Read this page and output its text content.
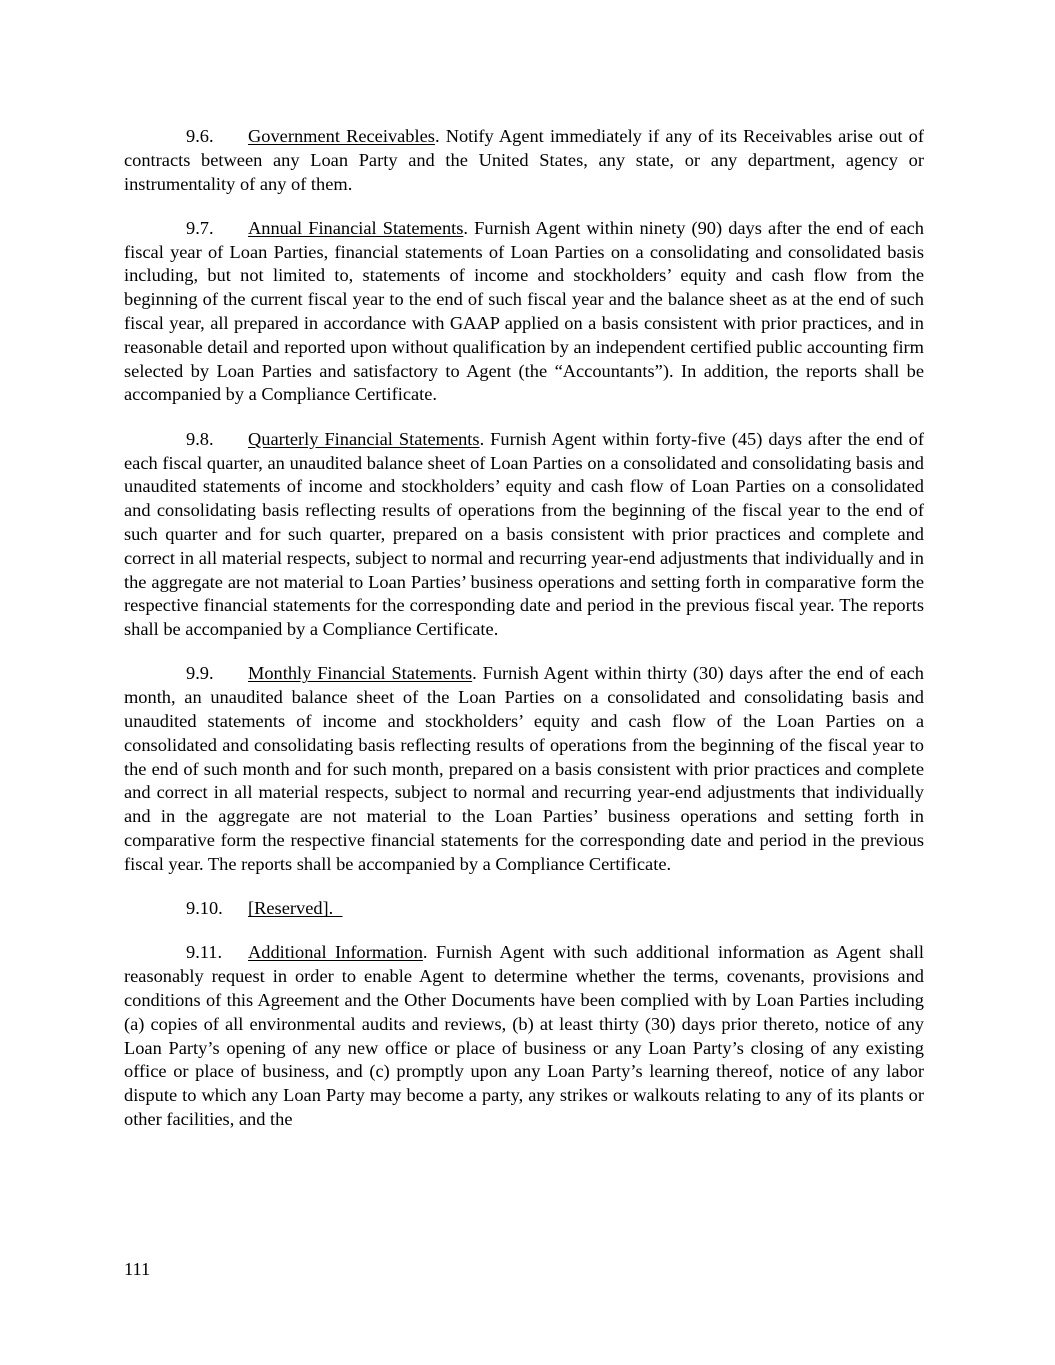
9.6. Government Receivables. Notify Agent immediately if any of its Receivables arise out of contracts between any Loan Party and the United States, any state, or any department, agency or instrumentality of any of them.

9.7. Annual Financial Statements. Furnish Agent within ninety (90) days after the end of each fiscal year of Loan Parties, financial statements of Loan Parties on a consolidating and consolidated basis including, but not limited to, statements of income and stockholders’ equity and cash flow from the beginning of the current fiscal year to the end of such fiscal year and the balance sheet as at the end of such fiscal year, all prepared in accordance with GAAP applied on a basis consistent with prior practices, and in reasonable detail and reported upon without qualification by an independent certified public accounting firm selected by Loan Parties and satisfactory to Agent (the “Accountants”). In addition, the reports shall be accompanied by a Compliance Certificate.

9.8. Quarterly Financial Statements. Furnish Agent within forty-five (45) days after the end of each fiscal quarter, an unaudited balance sheet of Loan Parties on a consolidated and consolidating basis and unaudited statements of income and stockholders’ equity and cash flow of Loan Parties on a consolidated and consolidating basis reflecting results of operations from the beginning of the fiscal year to the end of such quarter and for such quarter, prepared on a basis consistent with prior practices and complete and correct in all material respects, subject to normal and recurring year-end adjustments that individually and in the aggregate are not material to Loan Parties’ business operations and setting forth in comparative form the respective financial statements for the corresponding date and period in the previous fiscal year. The reports shall be accompanied by a Compliance Certificate.

9.9. Monthly Financial Statements. Furnish Agent within thirty (30) days after the end of each month, an unaudited balance sheet of the Loan Parties on a consolidated and consolidating basis and unaudited statements of income and stockholders’ equity and cash flow of the Loan Parties on a consolidated and consolidating basis reflecting results of operations from the beginning of the fiscal year to the end of such month and for such month, prepared on a basis consistent with prior practices and complete and correct in all material respects, subject to normal and recurring year-end adjustments that individually and in the aggregate are not material to the Loan Parties’ business operations and setting forth in comparative form the respective financial statements for the corresponding date and period in the previous fiscal year. The reports shall be accompanied by a Compliance Certificate.

9.10. [Reserved].

9.11. Additional Information. Furnish Agent with such additional information as Agent shall reasonably request in order to enable Agent to determine whether the terms, covenants, provisions and conditions of this Agreement and the Other Documents have been complied with by Loan Parties including (a) copies of all environmental audits and reviews, (b) at least thirty (30) days prior thereto, notice of any Loan Party’s opening of any new office or place of business or any Loan Party’s closing of any existing office or place of business, and (c) promptly upon any Loan Party’s learning thereof, notice of any labor dispute to which any Loan Party may become a party, any strikes or walkouts relating to any of its plants or other facilities, and the

111
